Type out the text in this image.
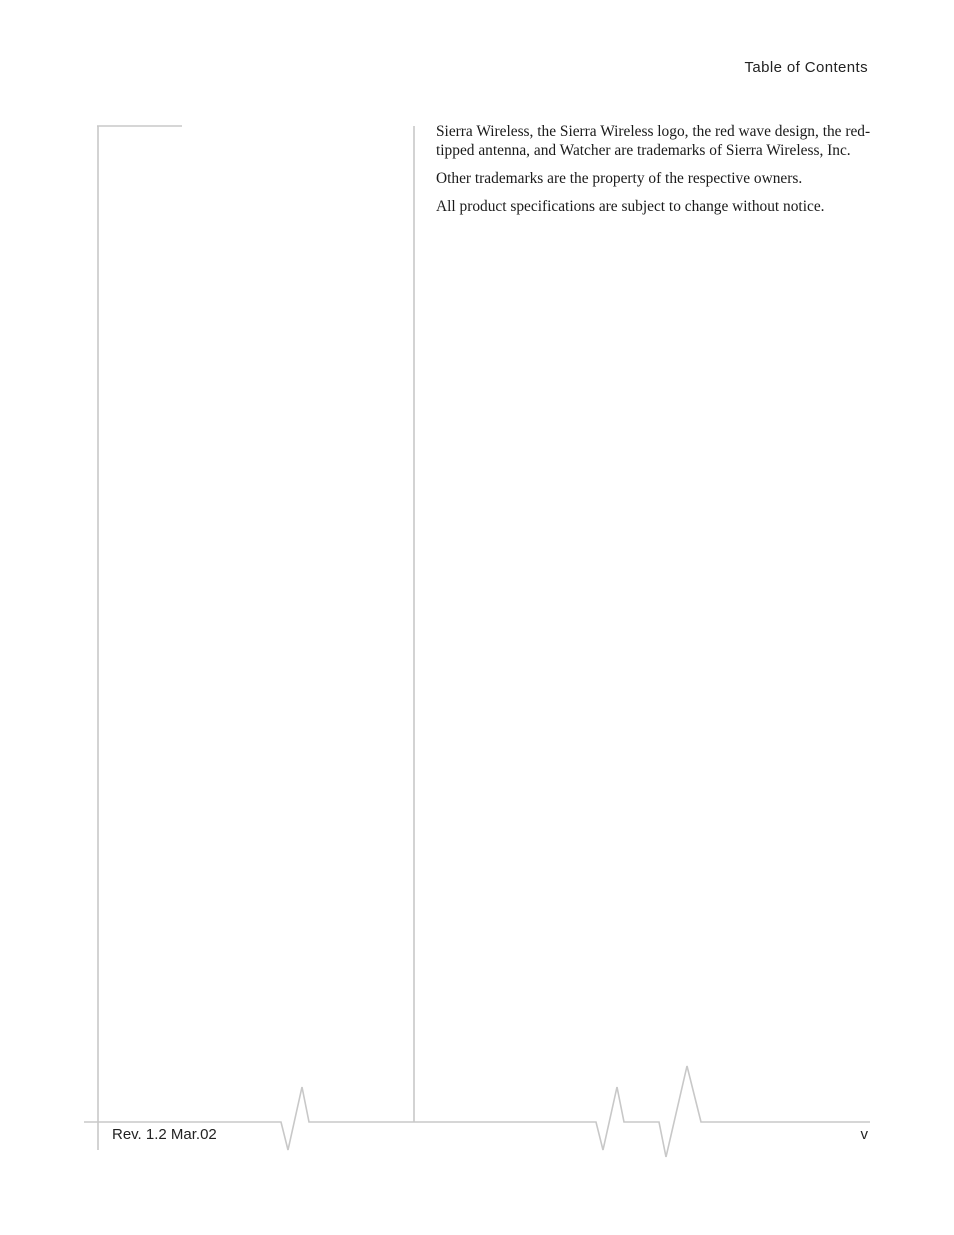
Table of Contents

Sierra Wireless, the Sierra Wireless logo, the red wave design, the red-tipped antenna, and Watcher are trademarks of Sierra Wireless, Inc.

Other trademarks are the property of the respective owners.

All product specifications are subject to change without notice.

Rev. 1.2 Mar.02	v
